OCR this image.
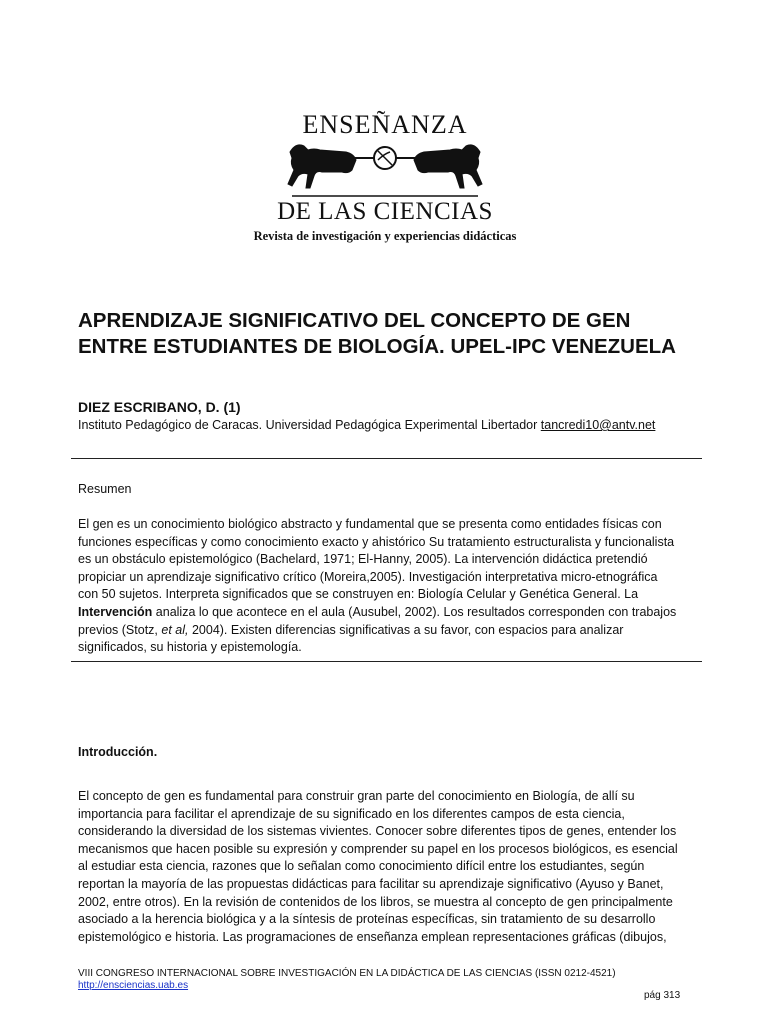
ENSEÑANZA
DE LAS CIENCIAS
Revista de investigación y experiencias didácticas
APRENDIZAJE SIGNIFICATIVO DEL CONCEPTO DE GEN
ENTRE ESTUDIANTES DE BIOLOGÍA. UPEL-IPC VENEZUELA
DIEZ ESCRIBANO, D. (1)
Instituto Pedagógico de Caracas. Universidad Pedagógica Experimental Libertador tancredi10@antv.net
Resumen

El gen es un conocimiento biológico abstracto y fundamental que se presenta como entidades físicas con
funciones específicas y como conocimiento exacto y ahistórico Su tratamiento estructuralista y funcionalista
es un obstáculo epistemológico (Bachelard, 1971; El-Hanny, 2005). La intervención didáctica pretendió
propiciar un aprendizaje significativo crítico (Moreira,2005). Investigación interpretativa micro-etnográfica
con 50 sujetos. Interpreta significados que se construyen en: Biología Celular y Genética General. La
Intervención analiza lo que acontece en el aula (Ausubel, 2002). Los resultados corresponden con trabajos
previos (Stotz, et al, 2004). Existen diferencias significativas a su favor, con espacios para analizar
significados, su historia y epistemología.

Introducción.

El concepto de gen es fundamental para construir gran parte del conocimiento en Biología, de allí su
importancia para facilitar el aprendizaje de su significado en los diferentes campos de esta ciencia,
considerando la diversidad de los sistemas vivientes. Conocer sobre diferentes tipos de genes, entender los
mecanismos que hacen posible su expresión y comprender su papel en los procesos biológicos, es esencial
al estudiar esta ciencia, razones que lo señalan como conocimiento difícil entre los estudiantes, según
reportan la mayoría de las propuestas didácticas para facilitar su aprendizaje significativo (Ayuso y Banet,
2002, entre otros). En la revisión de contenidos de los libros, se muestra al concepto de gen principalmente
asociado a la herencia biológica y a la síntesis de proteínas específicas, sin tratamiento de su desarrollo
epistemológico e historia. Las programaciones de enseñanza emplean representaciones gráficas (dibujos,

VIII CONGRESO INTERNACIONAL SOBRE INVESTIGACIÓN EN LA DIDÁCTICA DE LAS CIENCIAS (ISSN 0212-4521)
http://ensciencias.uab.es
pág 313
